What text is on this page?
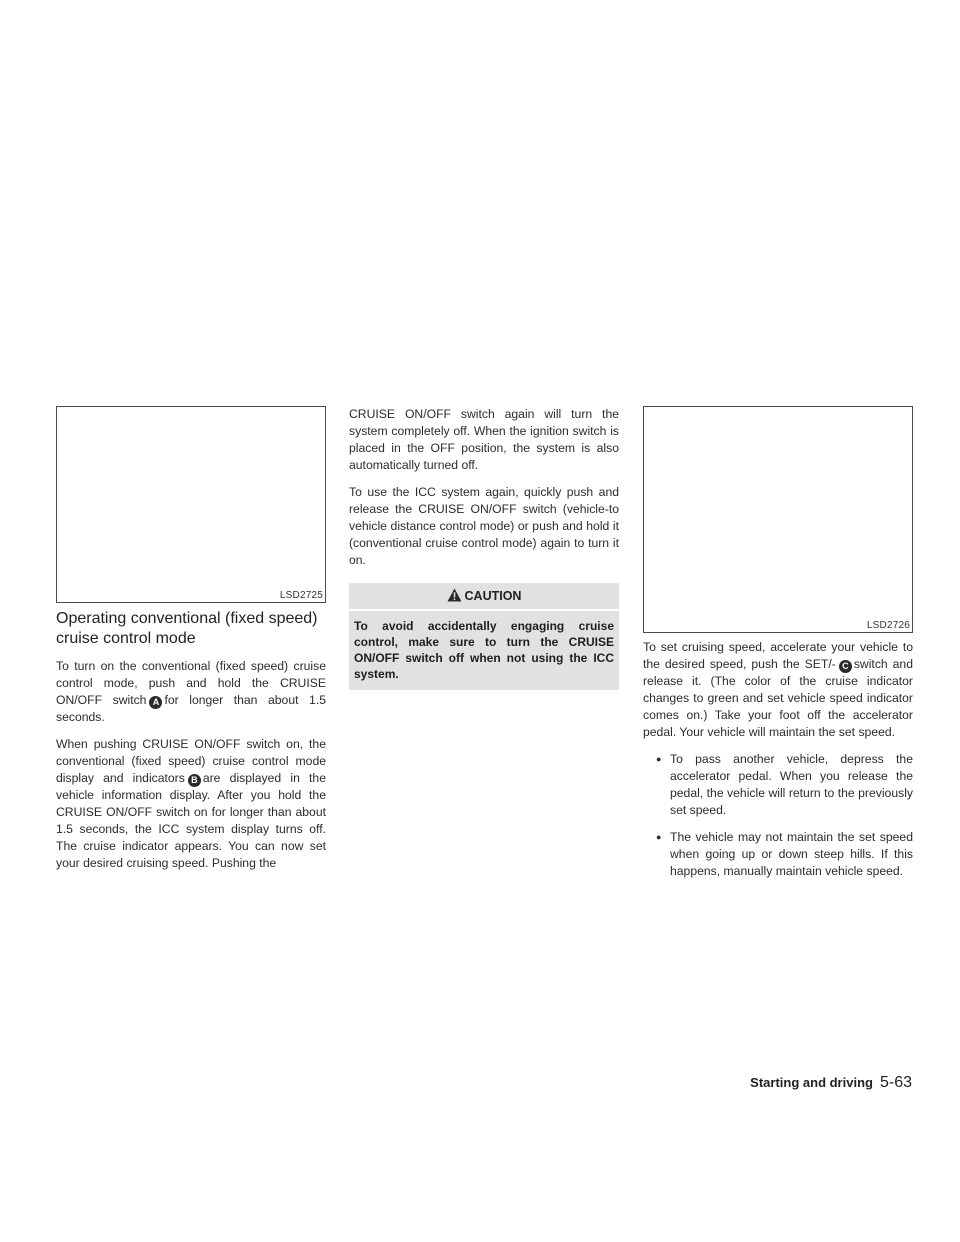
LSD2725
Operating conventional (fixed speed) cruise control mode

To turn on the conventional (fixed speed) cruise control mode, push and hold the CRUISE ON/OFF switch A for longer than about 1.5 seconds.

When pushing CRUISE ON/OFF switch on, the conventional (fixed speed) cruise control mode display and indicators B are displayed in the vehicle information display. After you hold the CRUISE ON/OFF switch on for longer than about 1.5 seconds, the ICC system display turns off. The cruise indicator appears. You can now set your desired cruising speed. Pushing the

CRUISE ON/OFF switch again will turn the system completely off. When the ignition switch is placed in the OFF position, the system is also automatically turned off.

To use the ICC system again, quickly push and release the CRUISE ON/OFF switch (vehicle-to vehicle distance control mode) or push and hold it (conventional cruise control mode) again to turn it on.

CAUTION
To avoid accidentally engaging cruise control, make sure to turn the CRUISE ON/OFF switch off when not using the ICC system.
LSD2726

To set cruising speed, accelerate your vehicle to the desired speed, push the SET/- C switch and release it. (The color of the cruise indicator changes to green and set vehicle speed indicator comes on.) Take your foot off the accelerator pedal. Your vehicle will maintain the set speed.

● To pass another vehicle, depress the accelerator pedal. When you release the pedal, the vehicle will return to the previously set speed.
● The vehicle may not maintain the set speed when going up or down steep hills. If this happens, manually maintain vehicle speed.
Starting and driving 5-63
